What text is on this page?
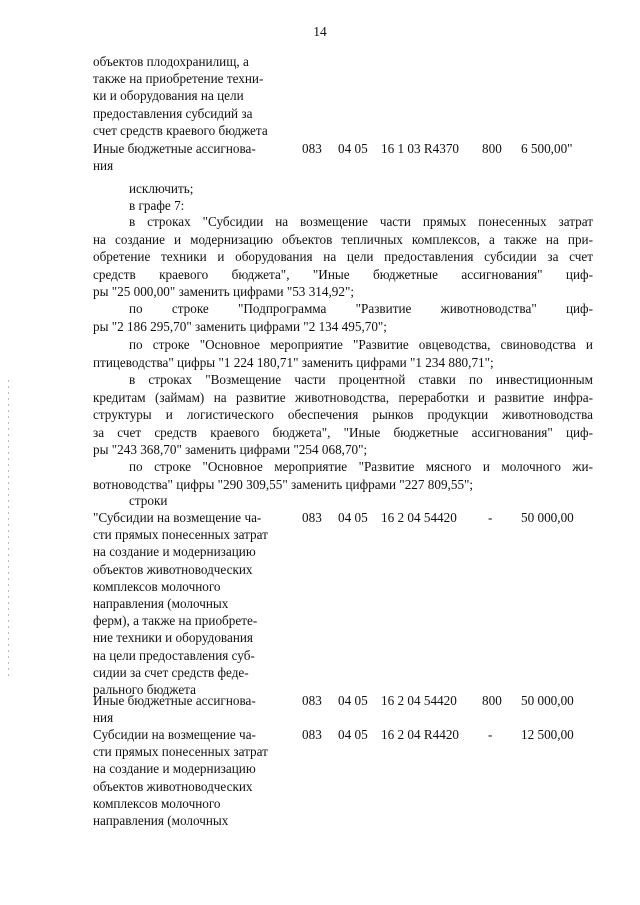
14
объектов плодохранилищ, а
также на приобретение техни-
ки и оборудования на цели
предоставления субсидий за
счет средств краевого бюджета
Иные бюджетные ассигнова-
ния
083 04 05 16 1 03 R4370 800 6 500,00"
исключить;
в графе 7:
в строках "Субсидии на возмещение части прямых понесенных затрат
на создание и модернизацию объектов тепличных комплексов, а также на при-
обретение техники и оборудования на цели предоставления субсидии за счет
средств краевого бюджета", "Иные бюджетные ассигнования" циф-
ры "25 000,00" заменить цифрами "53 314,92";
по строке "Подпрограмма "Развитие животноводства" циф-
ры "2 186 295,70" заменить цифрами "2 134 495,70";
по строке "Основное мероприятие "Развитие овцеводства, свиноводства и
птицеводства" цифры "1 224 180,71" заменить цифрами "1 234 880,71";
в строках "Возмещение части процентной ставки по инвестиционным
кредитам (займам) на развитие животноводства, переработки и развитие инфра-
структуры и логистического обеспечения рынков продукции животноводства
за счет средств краевого бюджета", "Иные бюджетные ассигнования" циф-
ры "243 368,70" заменить цифрами "254 068,70";
по строке "Основное мероприятие "Развитие мясного и молочного жи-
вотноводства" цифры "290 309,55" заменить цифрами "227 809,55";
строки
"Субсидии на возмещение ча-
сти прямых понесенных затрат
на создание и модернизацию
объектов животноводческих
комплексов молочного
направления (молочных
ферм), а также на приобрете-
ние техники и оборудования
на цели предоставления суб-
сидии за счет средств феде-
рального бюджета
083 04 05 16 2 04 54420 - 50 000,00
Иные бюджетные ассигнова-
ния
083 04 05 16 2 04 54420 800 50 000,00
Субсидии на возмещение ча-
сти прямых понесенных затрат
на создание и модернизацию
объектов животноводческих
комплексов молочного
направления (молочных
083 04 05 16 2 04 R4420 - 12 500,00
